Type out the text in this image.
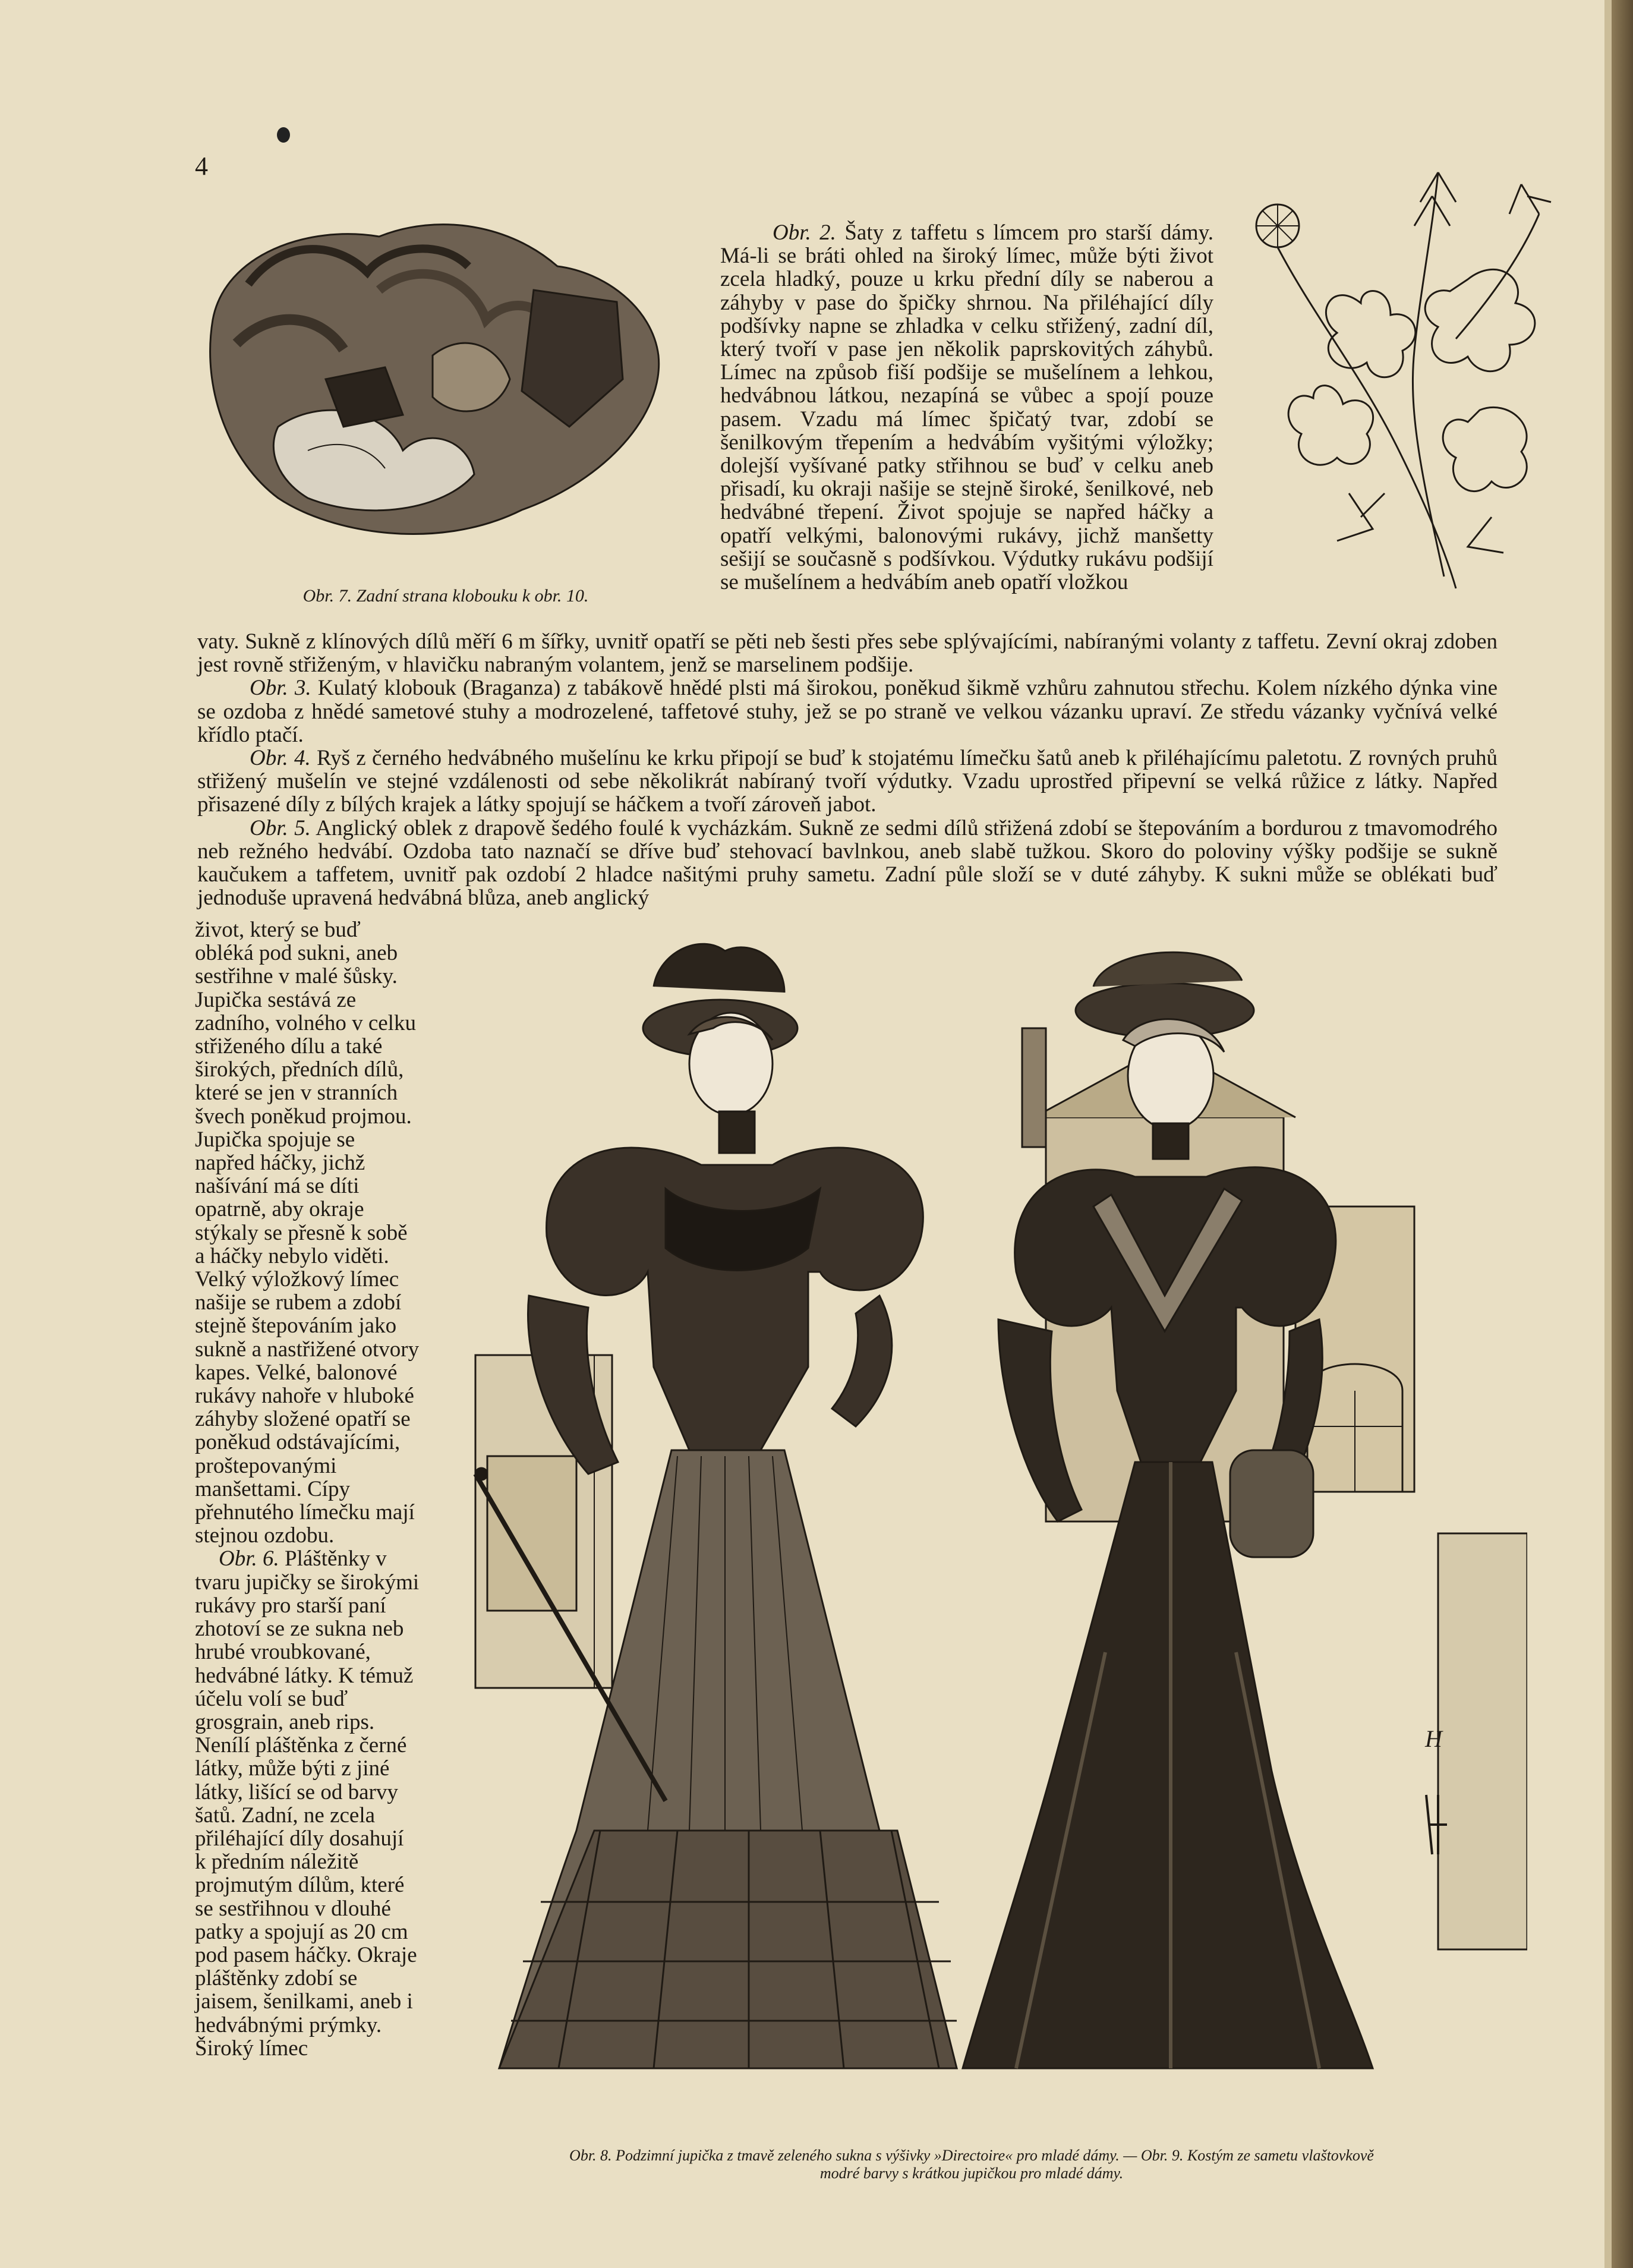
4
Obr. 7. Zadní strana klobouku k obr. 10.

Obr. 2. Šaty z taffetu s límcem pro starší dámy. Má-li se bráti ohled na široký límec, může býti život zcela hladký, pouze u krku přední díly se naberou a záhyby v pase do špičky shrnou. Na přiléhající díly podšívky napne se zhladka v celku střižený, zadní díl, který tvoří v pase jen několik paprskovitých záhybů. Límec na způsob fiší podšije se mušelínem a lehkou, hedvábnou látkou, nezapíná se vůbec a spojí pouze pasem. Vzadu má límec špičatý tvar, zdobí se šenilkovým třepením a hedvábím vyšitými výložky; dolejší vyšívané patky střihnou se buď v celku aneb přisadí, ku okraji našije se stejně široké, šenilkové, neb hedvábné třepení. Život spojuje se napřed háčky a opatří velkými, balonovými rukávy, jichž manšetty sešijí se současně s podšívkou. Výdutky rukávu podšijí se mušelínem a hedvábím aneb opatří vložkou

vaty. Sukně z klínových dílů měří 6 m šířky, uvnitř opatří se pěti neb šesti přes sebe splývajícími, nabíranými volanty z taffetu. Zevní okraj zdoben jest rovně střiženým, v hlavičku nabraným volantem, jenž se marselinem podšije.

Obr. 3. Kulatý klobouk (Braganza) z tabákově hnědé plsti má širokou, poněkud šikmě vzhůru zahnutou střechu. Kolem nízkého dýnka vine se ozdoba z hnědé sametové stuhy a modrozelené, taffetové stuhy, jež se po straně ve velkou vázanku upraví. Ze středu vázanky vyčnívá velké křídlo ptačí.

Obr. 4. Ryš z černého hedvábného mušelínu ke krku připojí se buď k stojatému límečku šatů aneb k přiléhajícímu paletotu. Z rovných pruhů střižený mušelín ve stejné vzdálenosti od sebe několikrát nabíraný tvoří výdutky. Vzadu uprostřed připevní se velká růžice z látky. Napřed přisazené díly z bílých krajek a látky spojují se háčkem a tvoří zároveň jabot.

Obr. 5. Anglický oblek z drapově šedého foulé k vycházkám. Sukně ze sedmi dílů střižená zdobí se štepováním a bordurou z tmavomodrého neb režného hedvábí. Ozdoba tato naznačí se dříve buď stehovací bavlnkou, aneb slabě tužkou. Skoro do poloviny výšky podšije se sukně kaučukem a taffetem, uvnitř pak ozdobí 2 hladce našitými pruhy sametu. Zadní půle složí se v duté záhyby. K sukni může se oblékati buď jednoduše upravená hedvábná blůza, aneb anglický

život, který se buď obléká pod sukni, aneb sestřihne v malé šůsky. Jupička sestává ze zadního, volného v celku střiženého dílu a také širokých, předních dílů, které se jen v stranních švech poněkud projmou. Jupička spojuje se napřed háčky, jichž našívání má se díti opatrně, aby okraje stýkaly se přesně k sobě a háčky nebylo viděti. Velký výložkový límec našije se rubem a zdobí stejně štepováním jako sukně a nastřižené otvory kapes. Velké, balonové rukávy nahoře v hluboké záhyby složené opatří se poněkud odstávajícími, proštepovanými manšettami. Cípy přehnutého límečku mají stejnou ozdobu.

Obr. 6. Pláštěnky v tvaru jupičky se širokými rukávy pro starší paní zhotoví se ze sukna neb hrubé vroubkované, hedvábné látky. K témuž účelu volí se buď grosgrain, aneb rips. Nenílí pláštěnka z černé látky, může býti z jiné látky, lišící se od barvy šatů. Zadní, ne zcela přiléhající díly dosahují k předním náležitě projmutým dílům, které se sestřihnou v dlouhé patky a spojují as 20 cm pod pasem háčky. Okraje pláštěnky zdobí se jaisem, šenilkami, aneb i hedvábnými prýmky. Široký límec

H
Obr. 8. Podzimní jupička z tmavě zeleného sukna s výšivky »Directoire« pro mladé dámy. — Obr. 9. Kostým ze sametu vlaštovkově
modré barvy s krátkou jupičkou pro mladé dámy.
